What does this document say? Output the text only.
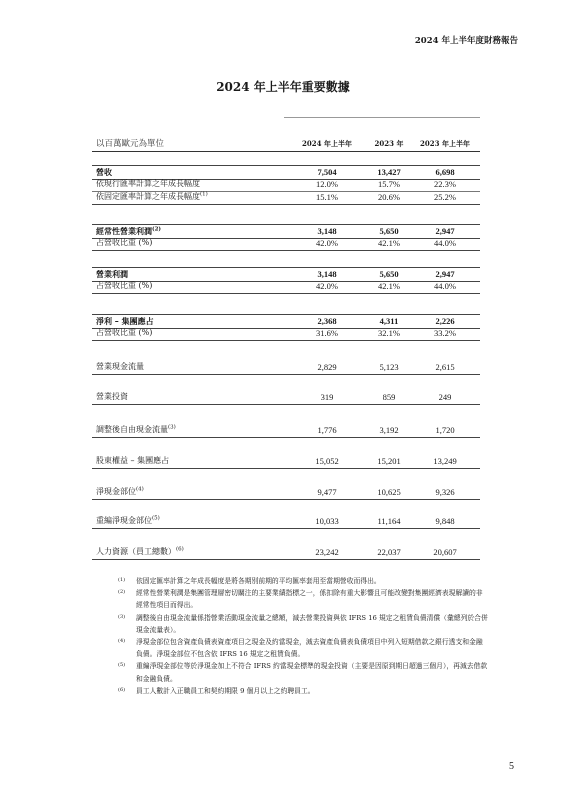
2024 年上半年度財務報告
2024 年上半年重要數據
以百萬歐元為單位	2024 年上半年	2023 年	2023 年上半年
營收	7,504	13,427	6,698
依現行匯率計算之年成長幅度	12.0%	15.7%	22.3%
依固定匯率計算之年成長幅度$^{(1)}$	15.1%	20.6%	25.2%
經常性營業利潤$^{(2)}$	3,148	5,650	2,947
占營收比重 (%)	42.0%	42.1%	44.0%
營業利潤	3,148	5,650	2,947
占營收比重 (%)	42.0%	42.1%	44.0%
淨利 – 集團應占	2,368	4,311	2,226
占營收比重 (%)	31.6%	32.1%	33.2%
營業現金流量	2,829	5,123	2,615
營業投資	319	859	249
調整後自由現金流量$^{(3)}$	1,776	3,192	1,720
股東權益 – 集團應占	15,052	15,201	13,249
淨現金部位$^{(4)}$	9,477	10,625	9,326
重編淨現金部位$^{(5)}$	10,033	11,164	9,848
人力資源（員工總數）$^{(6)}$	23,242	22,037	20,607
(1) 依固定匯率計算之年成長幅度是將各期別前期的平均匯率套用至當期營收而得出。
(2) 經常性營業利潤是集團管理層密切關注的主要業績指標之一，係扣除有重大影響且可能改變對集團經濟表現解讀的非經常性項目而得出。
(3) 調整後自由現金流量係指營業活動現金流量之總額，減去營業投資與依 IFRS 16 規定之租賃負債清償（彙總列於合併現金流量表）。
(4) 淨現金部位包含資產負債表資產項目之現金及約當現金，減去資產負債表負債項目中列入短期借款之銀行透支和金融負債。淨現金部位不包含依 IFRS 16 規定之租賃負債。
(5) 重編淨現金部位等於淨現金加上不符合 IFRS 約當現金標準的現金投資（主要是因原到期日超過三個月），再減去借款和金融負債。
(6) 員工人數計入正職員工和契約期限 9 個月以上之約聘員工。
5
